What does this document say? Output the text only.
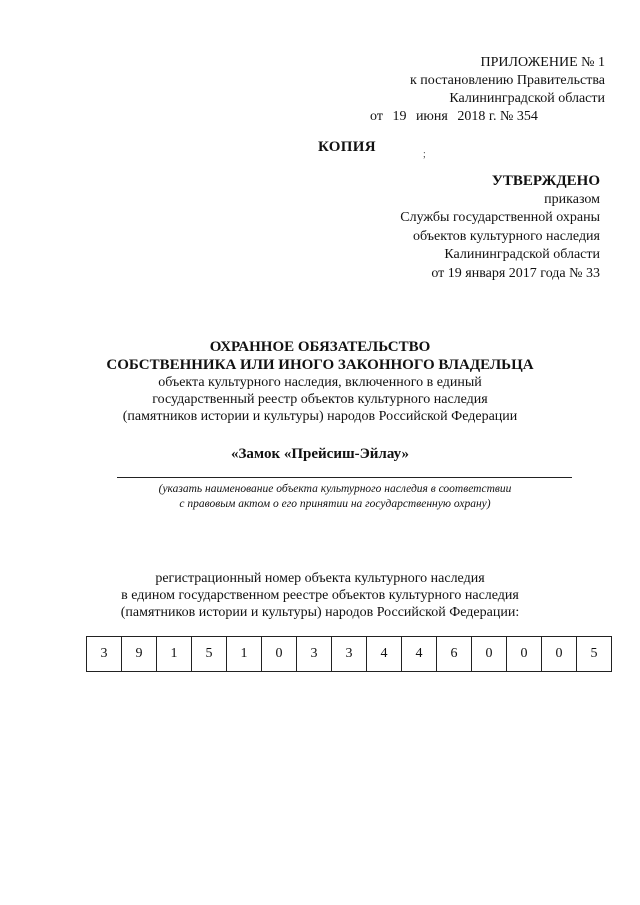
ПРИЛОЖЕНИЕ № 1
к постановлению Правительства
Калининградской области
от 19 июня 2018 г. № 354
КОПИЯ	;
УТВЕРЖДЕНО
приказом
Службы государственной охраны
объектов культурного наследия
Калининградской области
от 19 января 2017 года № 33
ОХРАННОЕ ОБЯЗАТЕЛЬСТВО
СОБСТВЕННИКА ИЛИ ИНОГО ЗАКОННОГО ВЛАДЕЛЬЦА
объекта культурного наследия, включенного в единый
государственный реестр объектов культурного наследия
(памятников истории и культуры) народов Российской Федерации
«Замок «Прейсиш-Эйлау»
(указать наименование объекта культурного наследия в соответствии
с правовым актом о его принятии на государственную охрану)
регистрационный номер объекта культурного наследия
в едином государственном реестре объектов культурного наследия
(памятников истории и культуры) народов Российской Федерации:
3	9	1	5	1	0	3	3	4	4	6	0	0	0	5
